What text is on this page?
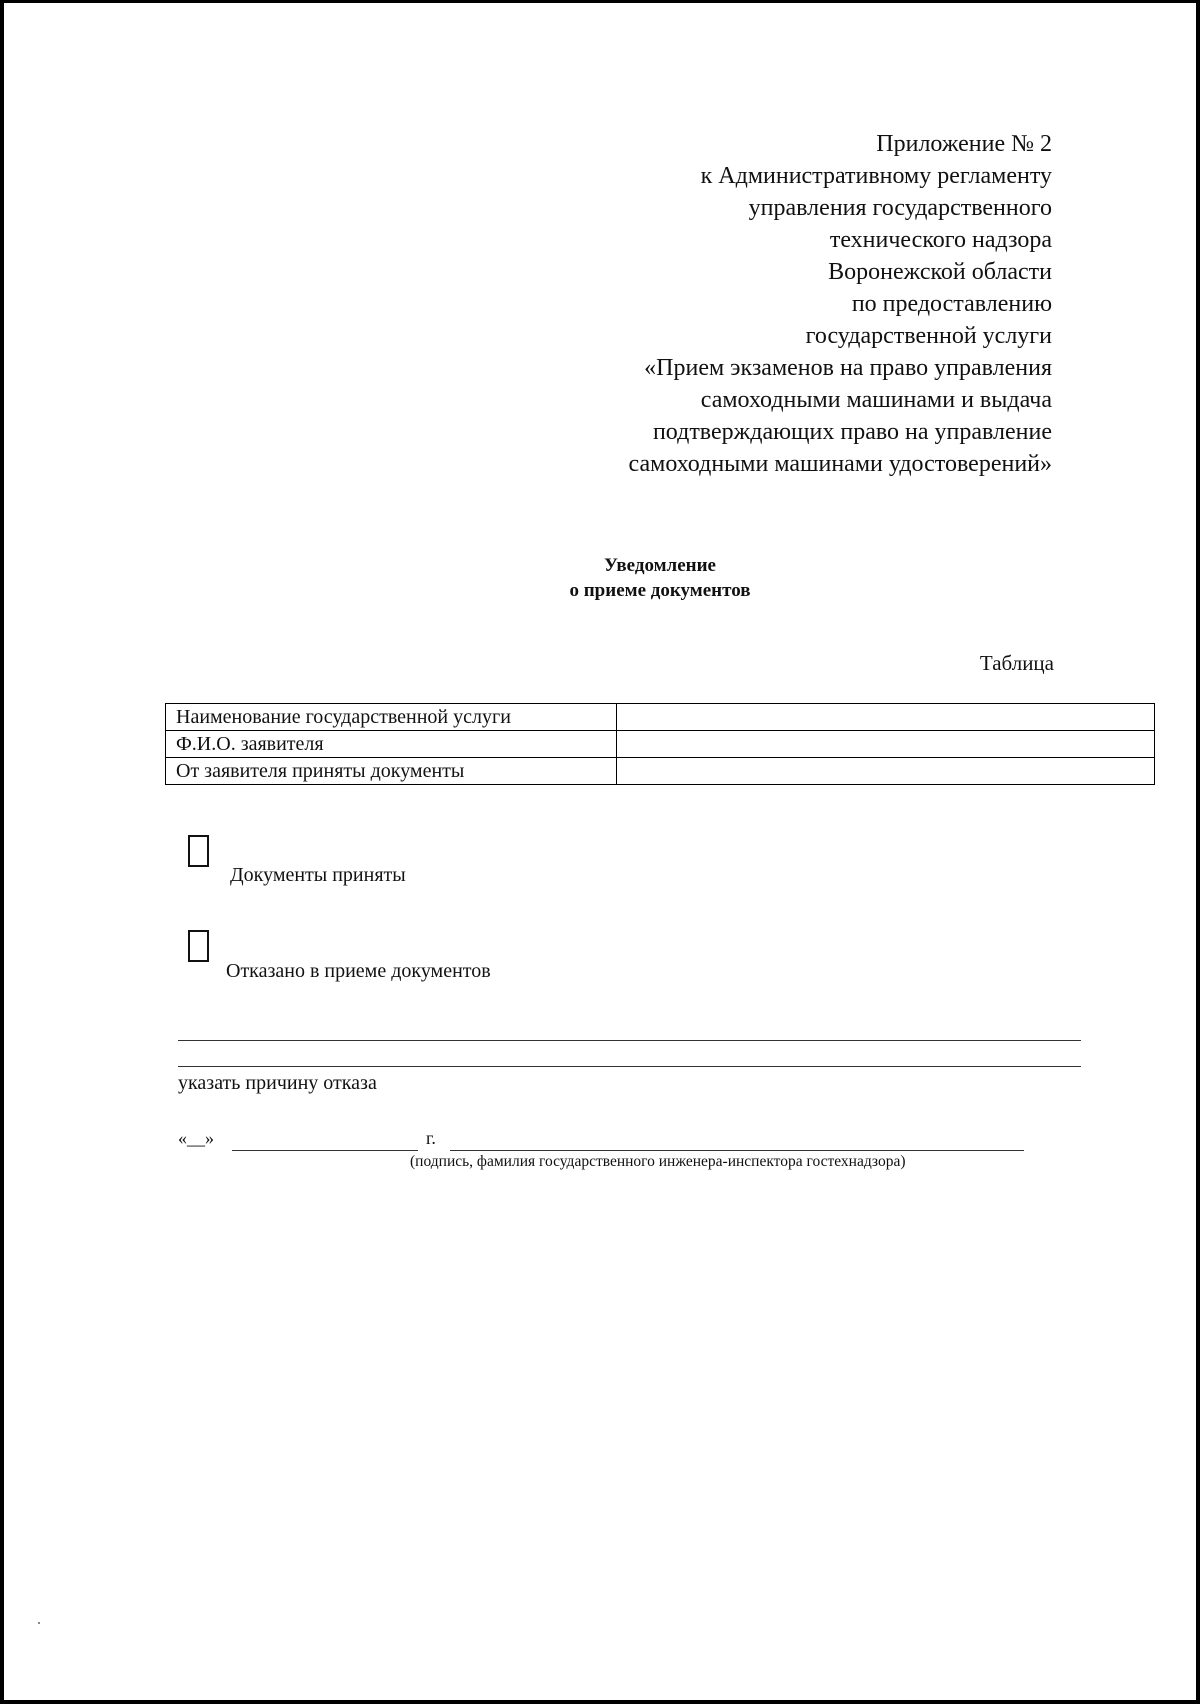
Приложение № 2
к Административному регламенту
управления государственного
технического надзора
Воронежской области
по предоставлению
государственной услуги
«Прием экзаменов на право управления
самоходными машинами и выдача
подтверждающих право на управление
самоходными машинами удостоверений»
Уведомление
о приеме документов
Таблица
Наименование государственной услуги	
Ф.И.О. заявителя	
От заявителя приняты документы	
Документы приняты
Отказано в приеме документов
указать причину отказа
«__»	г.
(подпись, фамилия государственного инженера-инспектора гостехнадзора)
